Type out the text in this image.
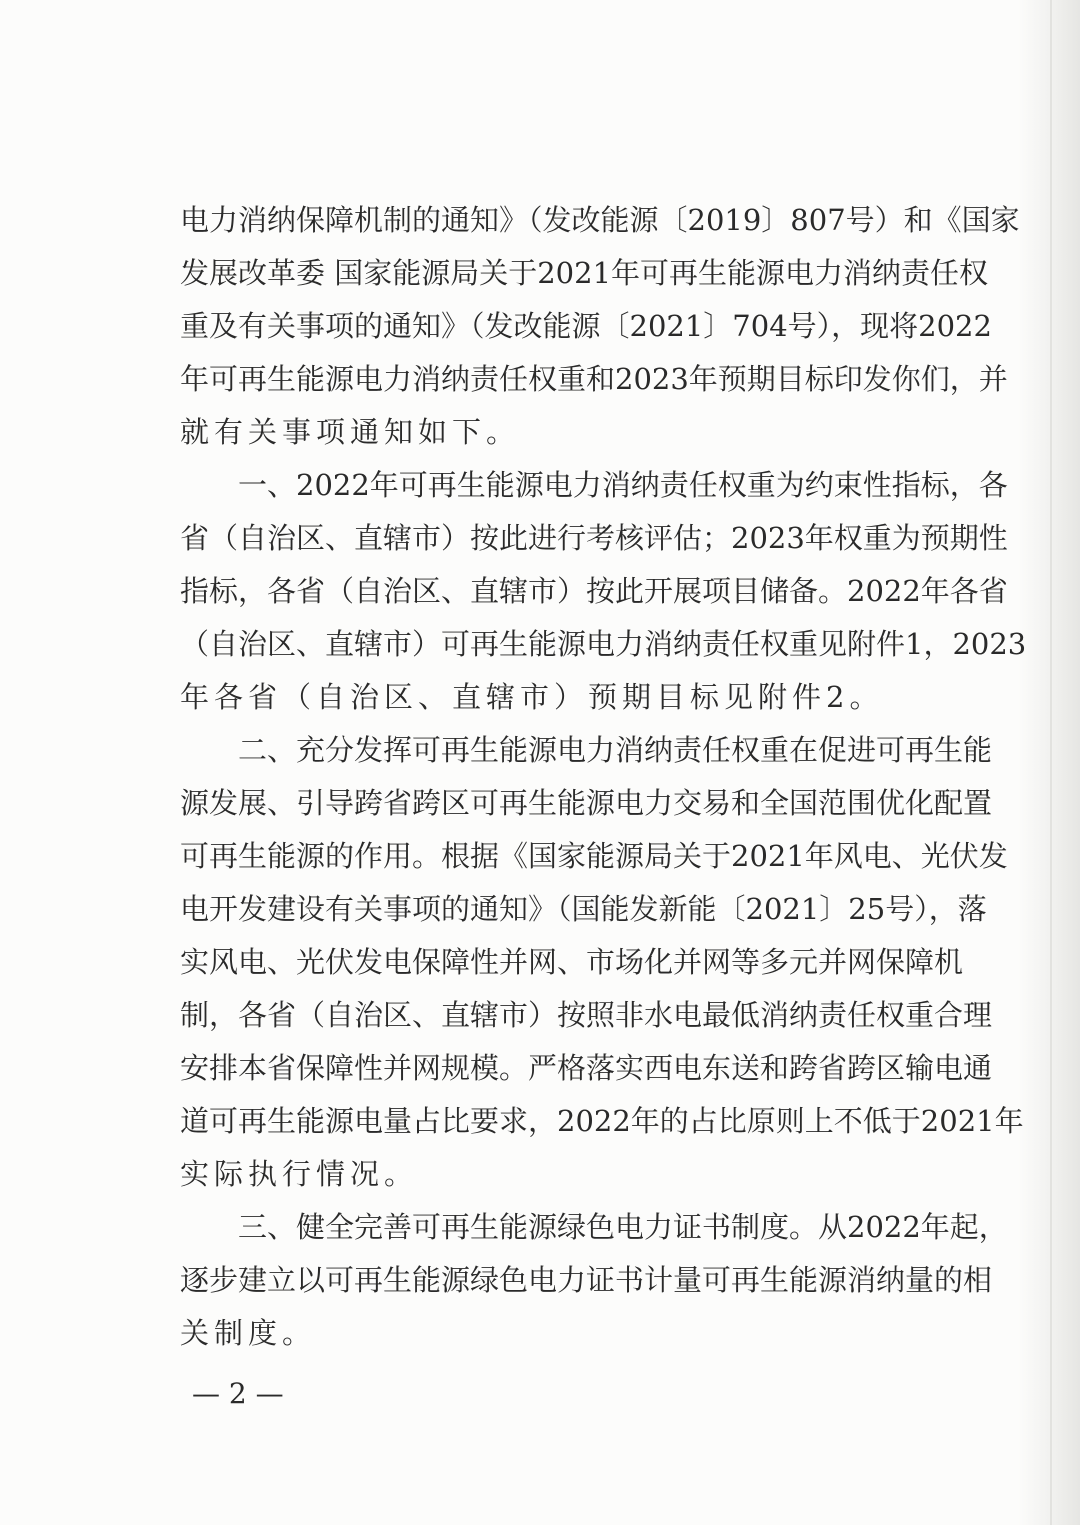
电力消纳保障机制的通知》（发改能源〔2019〕807号）和《国家
发展改革委 国家能源局关于2021年可再生能源电力消纳责任权
重及有关事项的通知》（发改能源〔2021〕704号），现将2022
年可再生能源电力消纳责任权重和2023年预期目标印发你们，并
就有关事项通知如下。
一、2022年可再生能源电力消纳责任权重为约束性指标，各
省（自治区、直辖市）按此进行考核评估；2023年权重为预期性
指标，各省（自治区、直辖市）按此开展项目储备。2022年各省
（自治区、直辖市）可再生能源电力消纳责任权重见附件1，2023
年各省（自治区、直辖市）预期目标见附件2。
二、充分发挥可再生能源电力消纳责任权重在促进可再生能
源发展、引导跨省跨区可再生能源电力交易和全国范围优化配置
可再生能源的作用。根据《国家能源局关于2021年风电、光伏发
电开发建设有关事项的通知》（国能发新能〔2021〕25号），落
实风电、光伏发电保障性并网、市场化并网等多元并网保障机
制，各省（自治区、直辖市）按照非水电最低消纳责任权重合理
安排本省保障性并网规模。严格落实西电东送和跨省跨区输电通
道可再生能源电量占比要求，2022年的占比原则上不低于2021年
实际执行情况。
三、健全完善可再生能源绿色电力证书制度。从2022年起，
逐步建立以可再生能源绿色电力证书计量可再生能源消纳量的相
关制度。
— 2 —
